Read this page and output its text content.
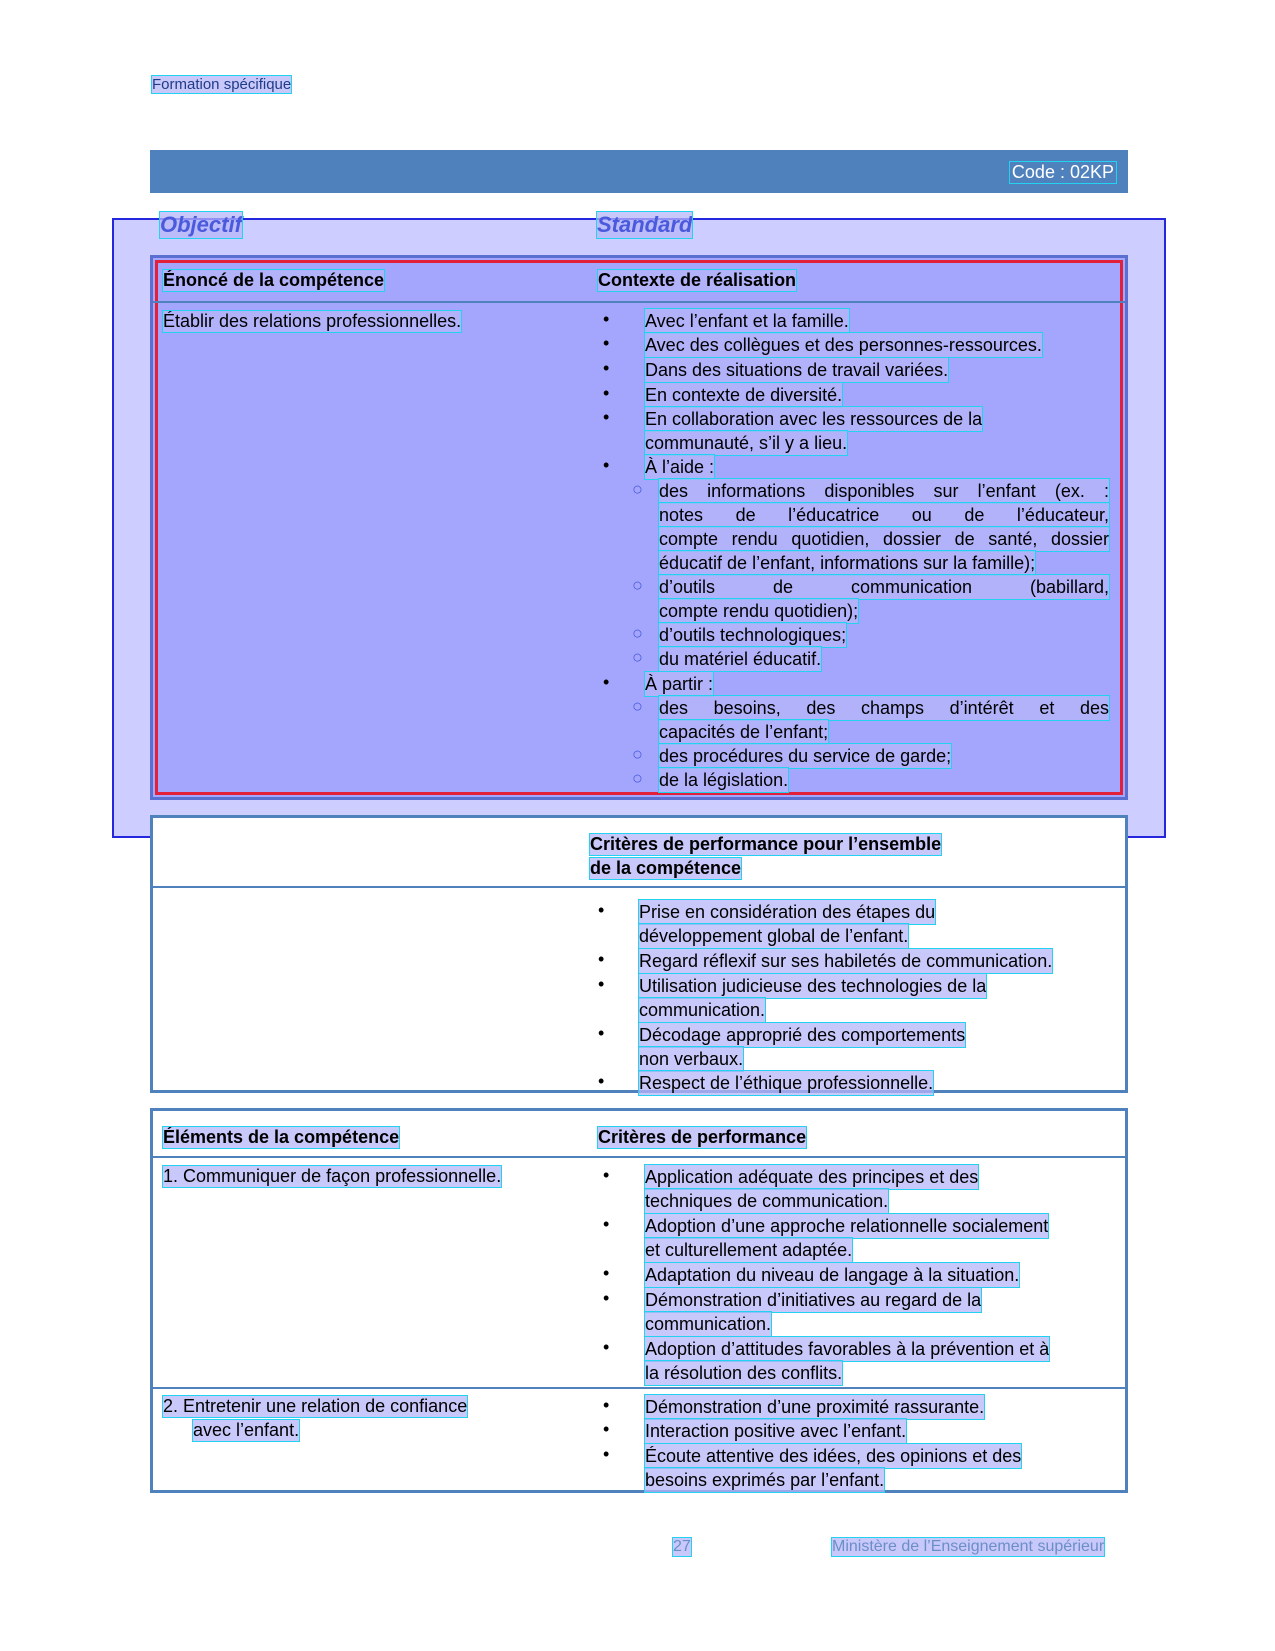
Formation spécifique
Code : 02KP
Objectif	Standard
Énoncé de la compétence	Contexte de réalisation
Établir des relations professionnelles.	• Avec l’enfant et la famille.
• Avec des collègues et des personnes-ressources.
• Dans des situations de travail variées.
• En contexte de diversité.
• En collaboration avec les ressources de la
communauté, s’il y a lieu.
• À l’aide :
○ des informations disponibles sur l’enfant (ex. :
notes de l’éducatrice ou de l’éducateur,
compte rendu quotidien, dossier de santé, dossier
éducatif de l’enfant, informations sur la famille);
○ d’outils de communication (babillard,
compte rendu quotidien);
○ d’outils technologiques;
○ du matériel éducatif.
• À partir :
○ des besoins, des champs d’intérêt et des
capacités de l’enfant;
○ des procédures du service de garde;
○ de la législation.
Critères de performance pour l’ensemble
de la compétence
• Prise en considération des étapes du
développement global de l’enfant.
• Regard réflexif sur ses habiletés de communication.
• Utilisation judicieuse des technologies de la
communication.
• Décodage approprié des comportements
non verbaux.
• Respect de l’éthique professionnelle.
Éléments de la compétence	Critères de performance
1. Communiquer de façon professionnelle.	• Application adéquate des principes et des
techniques de communication.
• Adoption d’une approche relationnelle socialement
et culturellement adaptée.
• Adaptation du niveau de langage à la situation.
• Démonstration d’initiatives au regard de la
communication.
• Adoption d’attitudes favorables à la prévention et à
la résolution des conflits.
2. Entretenir une relation de confiance
avec l’enfant.
• Démonstration d’une proximité rassurante.
• Interaction positive avec l’enfant.
• Écoute attentive des idées, des opinions et des
besoins exprimés par l’enfant.
27	Ministère de l’Enseignement supérieur
